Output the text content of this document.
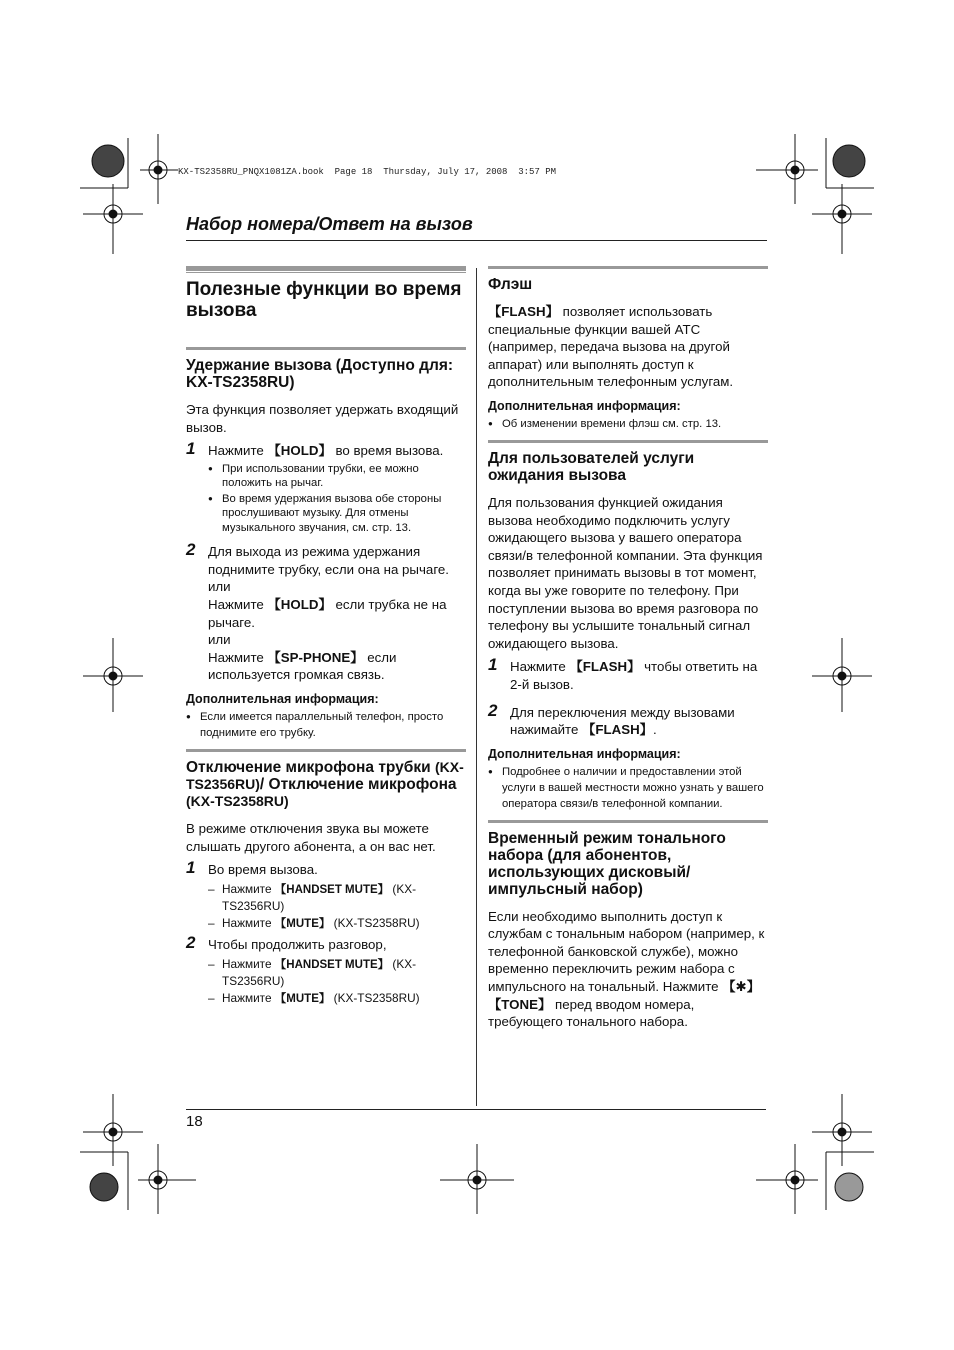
KX-TS2358RU_PNQX1081ZA.book  Page 18  Thursday, July 17, 2008  3:57 PM
Набор номера/Ответ на вызов
Полезные функции во время вызова
Удержание вызова (Доступно для: KX-TS2358RU)
Эта функция позволяет удержать входящий вызов.
1 Нажмите 【HOLD】 во время вызова.
● При использовании трубки, ее можно положить на рычаг.
● Во время удержания вызова обе стороны прослушивают музыку. Для отмены музыкального звучания, см. стр. 13.
2 Для выхода из режима удержания поднимите трубку, если она на рычаге.
или
Нажмите 【HOLD】 если трубка не на рычаге.
или
Нажмите 【SP-PHONE】 если используется громкая связь.
Дополнительная информация:
● Если имеется параллельный телефон, просто поднимите его трубку.
Отключение микрофона трубки (KX-TS2356RU)/ Отключение микрофона (KX-TS2358RU)
В режиме отключения звука вы можете слышать другого абонента, а он вас нет.
1 Во время вызова.
– Нажмите 【HANDSET MUTE】 (KX-TS2356RU)
– Нажмите 【MUTE】 (KX-TS2358RU)
2 Чтобы продолжить разговор,
– Нажмите 【HANDSET MUTE】 (KX-TS2356RU)
– Нажмите 【MUTE】 (KX-TS2358RU)
Флэш
【FLASH】 позволяет использовать специальные функции вашей АТС (например, передача вызова на другой аппарат) или выполнять доступ к дополнительным телефонным услугам.
Дополнительная информация:
● Об изменении времени флэш см. стр. 13.
Для пользователей услуги ожидания вызова
Для пользования функцией ожидания вызова необходимо подключить услугу ожидающего вызова у вашего оператора связи/в телефонной компании. Эта функция позволяет принимать вызовы в тот момент, когда вы уже говорите по телефону. При поступлении вызова во время разговора по телефону вы услышите тональный сигнал ожидающего вызова.
1 Нажмите 【FLASH】 чтобы ответить на 2-й вызов.
2 Для переключения между вызовами нажимайте 【FLASH】.
Дополнительная информация:
● Подробнее о наличии и предоставлении этой услуги в вашей местности можно узнать у вашего оператора связи/в телефонной компании.
Временный режим тонального набора (для абонентов, использующих дисковый/импульсный набор)
Если необходимо выполнить доступ к службам с тональным набором (например, к телефонной банковской службе), можно временно переключить режим набора с импульсного на тональный. Нажмите 【✱】 【TONE】 перед вводом номера, требующего тонального набора.
18
